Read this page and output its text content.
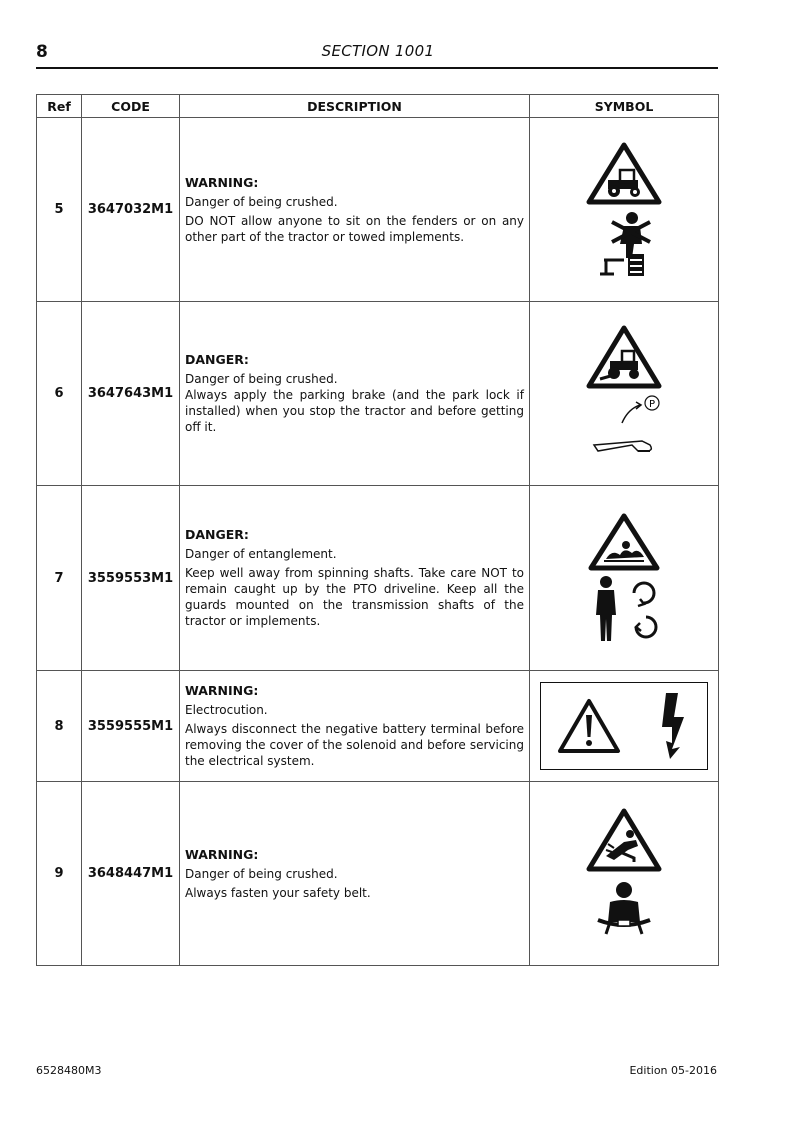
8	SECTION 1001
Ref	CODE	DESCRIPTION	SYMBOL
5	3647032M1	WARNING:
Danger of being crushed.
DO NOT allow anyone to sit on the fenders or on any other part of the tractor or towed implements.

6	3647643M1	DANGER:
Danger of being crushed.
Always apply the parking brake (and the park lock if installed) when you stop the tractor and before getting off it.	P

7	3559553M1	DANGER:
Danger of entanglement.
Keep well away from spinning shafts. Take care NOT to remain caught up by the PTO driveline. Keep all the guards mounted on the transmission shafts of the tractor or implements.

8	3559555M1	WARNING:
Electrocution.
Always disconnect the negative battery terminal before removing the cover of the solenoid and before servicing the electrical system.

9	3648447M1	WARNING:
Danger of being crushed.
Always fasten your safety belt.

6528480M3	Edition 05-2016
